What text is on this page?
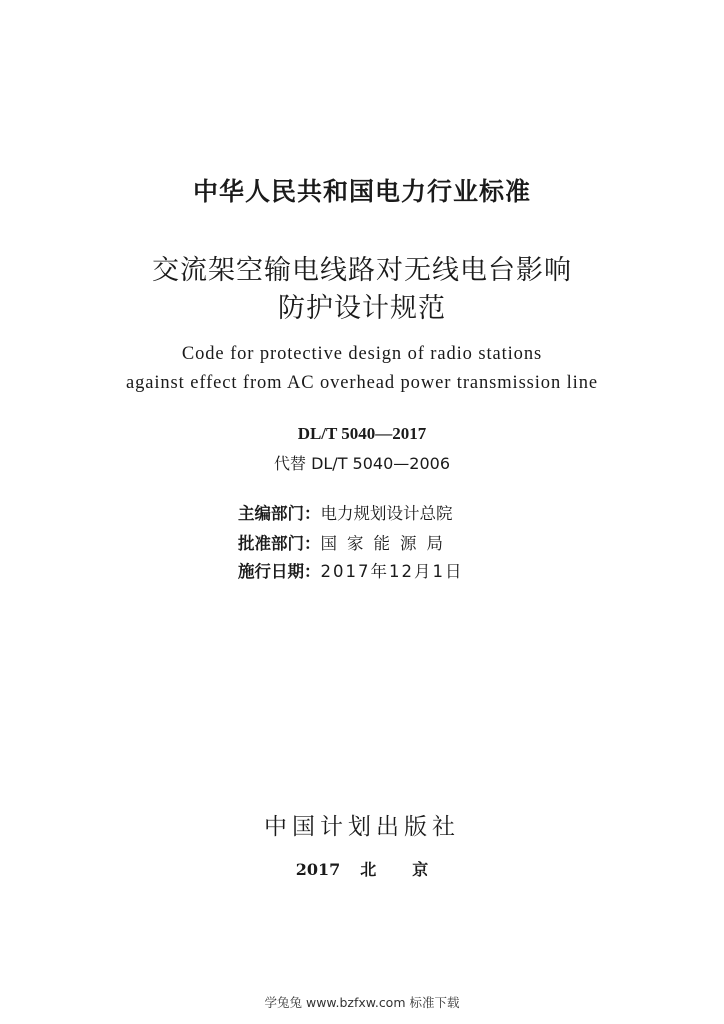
中华人民共和国电力行业标准
交流架空输电线路对无线电台影响
防护设计规范
Code for protective design of radio stations
against effect from AC overhead power transmission line
DL/T 5040—2017
代替 DL/T 5040—2006
主编部门：电力规划设计总院
批准部门：国家能源局
施行日期：2017年12月1日
中国计划出版社
2017 北 京
学兔兔 www.bzfxw.com 标准下载
